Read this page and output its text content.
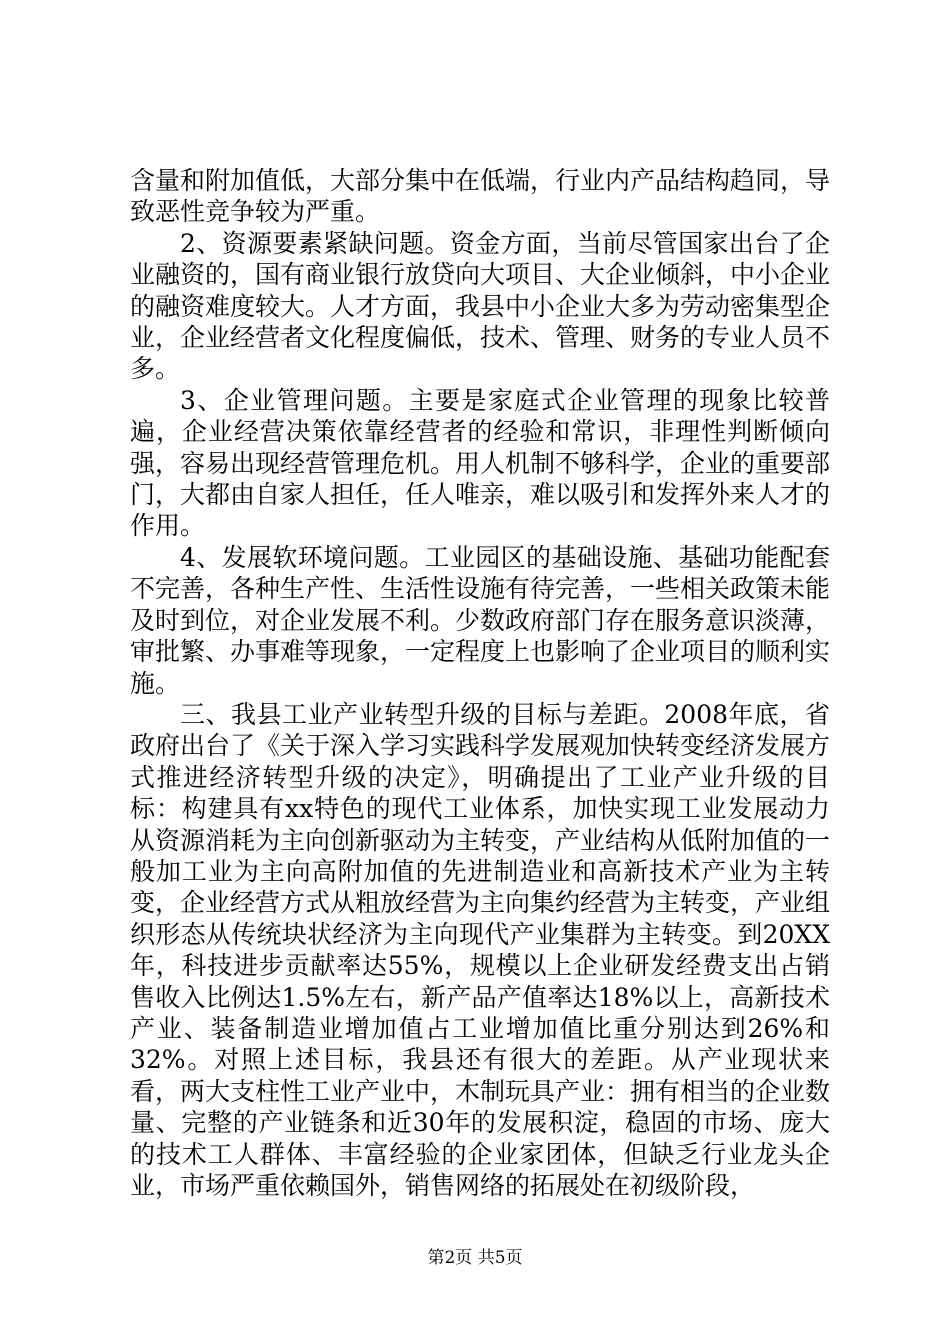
含量和附加值低，大部分集中在低端，行业内产品结构趋同，导致恶性竞争较为严重。

2、资源要素紧缺问题。资金方面，当前尽管国家出台了企业融资的，国有商业银行放贷向大项目、大企业倾斜，中小企业的融资难度较大。人才方面，我县中小企业大多为劳动密集型企业，企业经营者文化程度偏低，技术、管理、财务的专业人员不多。

3、企业管理问题。主要是家庭式企业管理的现象比较普遍，企业经营决策依靠经营者的经验和常识，非理性判断倾向强，容易出现经营管理危机。用人机制不够科学，企业的重要部门，大都由自家人担任，任人唯亲，难以吸引和发挥外来人才的作用。

4、发展软环境问题。工业园区的基础设施、基础功能配套不完善，各种生产性、生活性设施有待完善，一些相关政策未能及时到位，对企业发展不利。少数政府部门存在服务意识淡薄，审批繁、办事难等现象，一定程度上也影响了企业项目的顺利实施。

三、我县工业产业转型升级的目标与差距。2008年底，省政府出台了《关于深入学习实践科学发展观加快转变经济发展方式推进经济转型升级的决定》，明确提出了工业产业升级的目标：构建具有xx特色的现代工业体系，加快实现工业发展动力从资源消耗为主向创新驱动为主转变，产业结构从低附加值的一般加工业为主向高附加值的先进制造业和高新技术产业为主转变，企业经营方式从粗放经营为主向集约经营为主转变，产业组织形态从传统块状经济为主向现代产业集群为主转变。到20XX年，科技进步贡献率达55%，规模以上企业研发经费支出占销售收入比例达1.5%左右，新产品产值率达18%以上，高新技术产业、装备制造业增加值占工业增加值比重分别达到26%和32%。对照上述目标，我县还有很大的差距。从产业现状来看，两大支柱性工业产业中，木制玩具产业：拥有相当的企业数量、完整的产业链条和近30年的发展积淀，稳固的市场、庞大的技术工人群体、丰富经验的企业家团体，但缺乏行业龙头企业，市场严重依赖国外，销售网络的拓展处在初级阶段，

第2页 共5页
